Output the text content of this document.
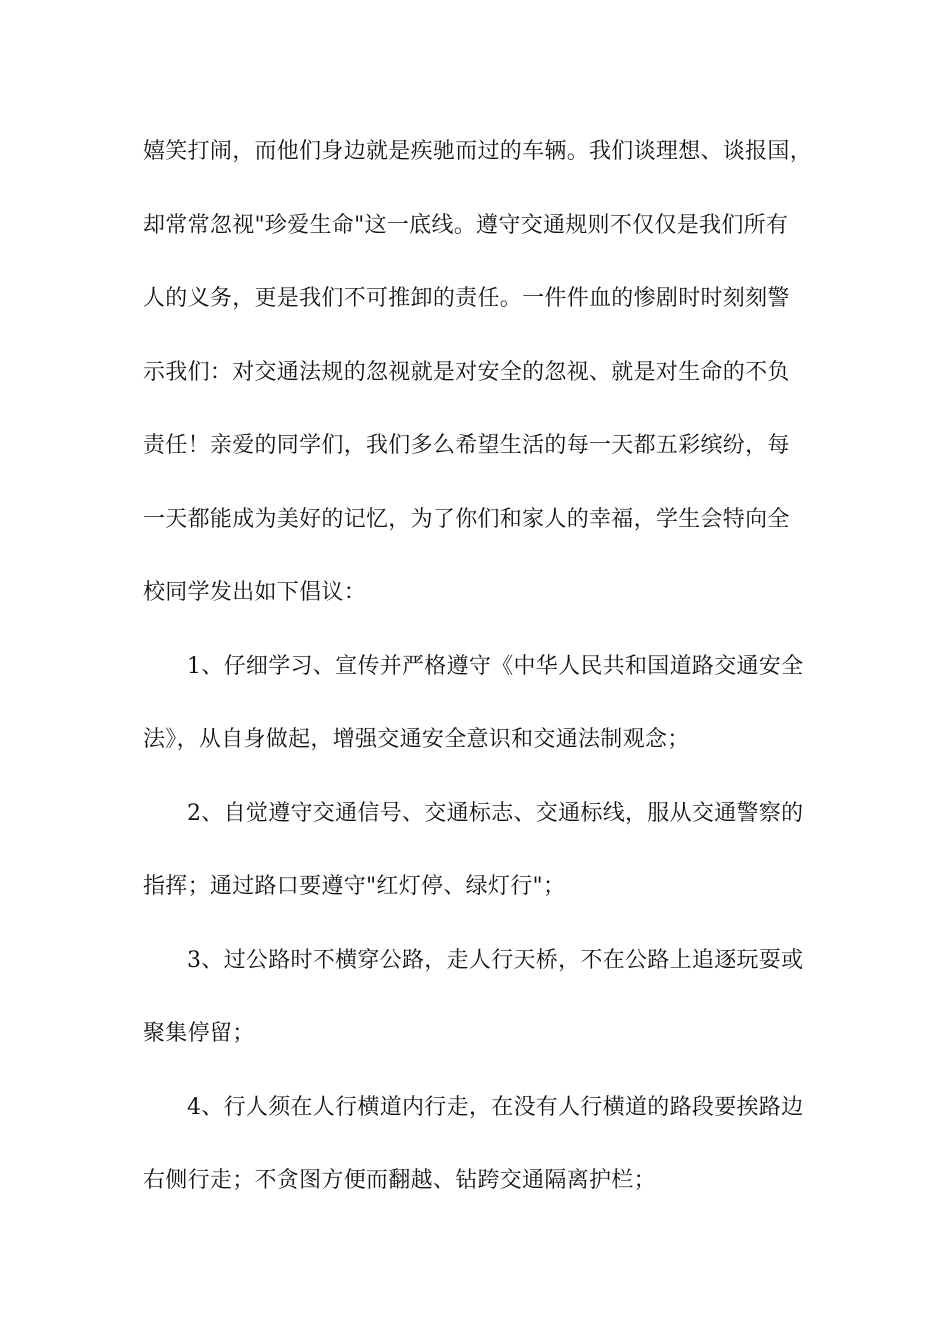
嬉笑打闹，而他们身边就是疾驰而过的车辆。我们谈理想、谈报国，
却常常忽视"珍爱生命"这一底线。遵守交通规则不仅仅是我们所有
人的义务，更是我们不可推卸的责任。一件件血的惨剧时时刻刻警
示我们：对交通法规的忽视就是对安全的忽视、就是对生命的不负
责任！亲爱的同学们，我们多么希望生活的每一天都五彩缤纷，每
一天都能成为美好的记忆，为了你们和家人的幸福，学生会特向全
校同学发出如下倡议：
1、仔细学习、宣传并严格遵守《中华人民共和国道路交通安全
法》，从自身做起，增强交通安全意识和交通法制观念；
2、自觉遵守交通信号、交通标志、交通标线，服从交通警察的
指挥；通过路口要遵守"红灯停、绿灯行"；
3、过公路时不横穿公路，走人行天桥，不在公路上追逐玩耍或
聚集停留；
4、行人须在人行横道内行走，在没有人行横道的路段要挨路边
右侧行走；不贪图方便而翻越、钻跨交通隔离护栏；
